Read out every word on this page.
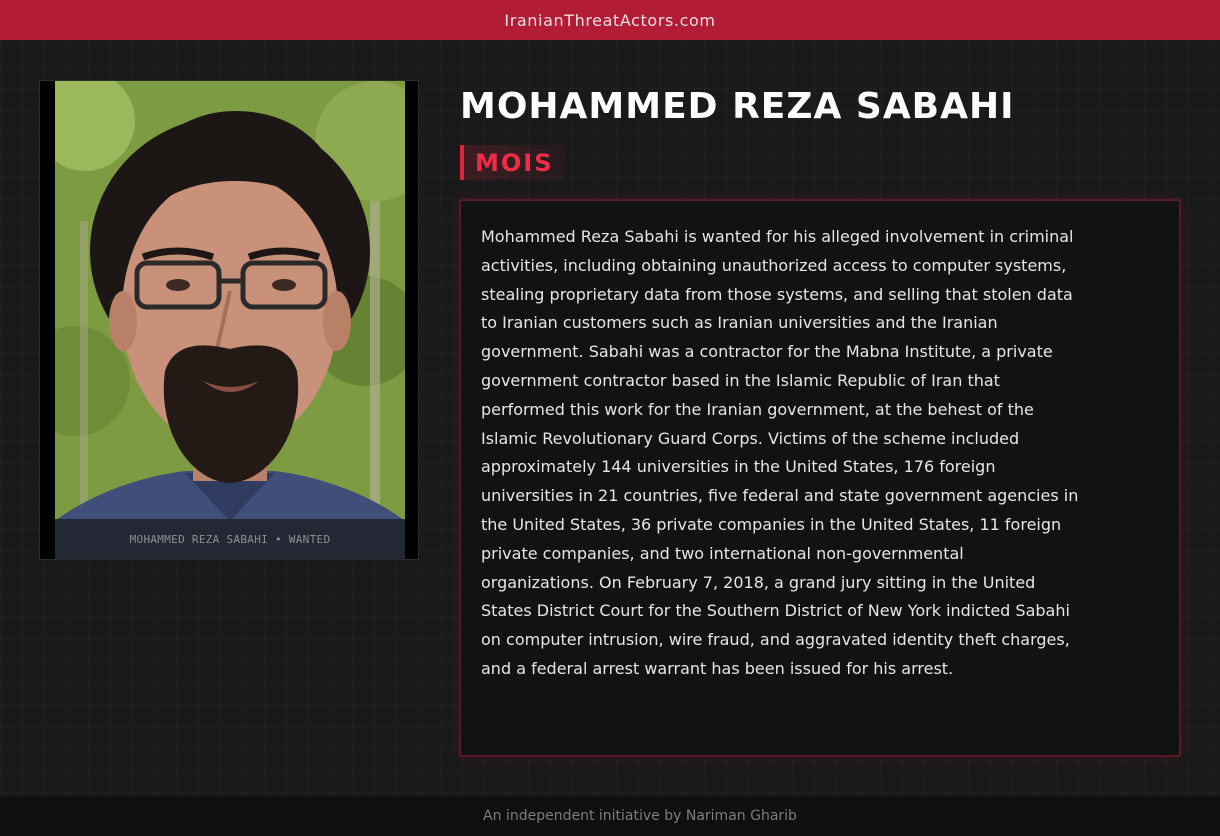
IranianThreatActors.com
MOHAMMED REZA SABAHI • WANTED
MOHAMMED REZA SABAHI
MOIS

Mohammed Reza Sabahi is wanted for his alleged involvement in criminal activities, including obtaining unauthorized access to computer systems, stealing proprietary data from those systems, and selling that stolen data to Iranian customers such as Iranian universities and the Iranian government. Sabahi was a contractor for the Mabna Institute, a private government contractor based in the Islamic Republic of Iran that performed this work for the Iranian government, at the behest of the Islamic Revolutionary Guard Corps. Victims of the scheme included approximately 144 universities in the United States, 176 foreign universities in 21 countries, five federal and state government agencies in the United States, 36 private companies in the United States, 11 foreign private companies, and two international non-governmental organizations. On February 7, 2018, a grand jury sitting in the United States District Court for the Southern District of New York indicted Sabahi on computer intrusion, wire fraud, and aggravated identity theft charges, and a federal arrest warrant has been issued for his arrest.

An independent initiative by Nariman Gharib
